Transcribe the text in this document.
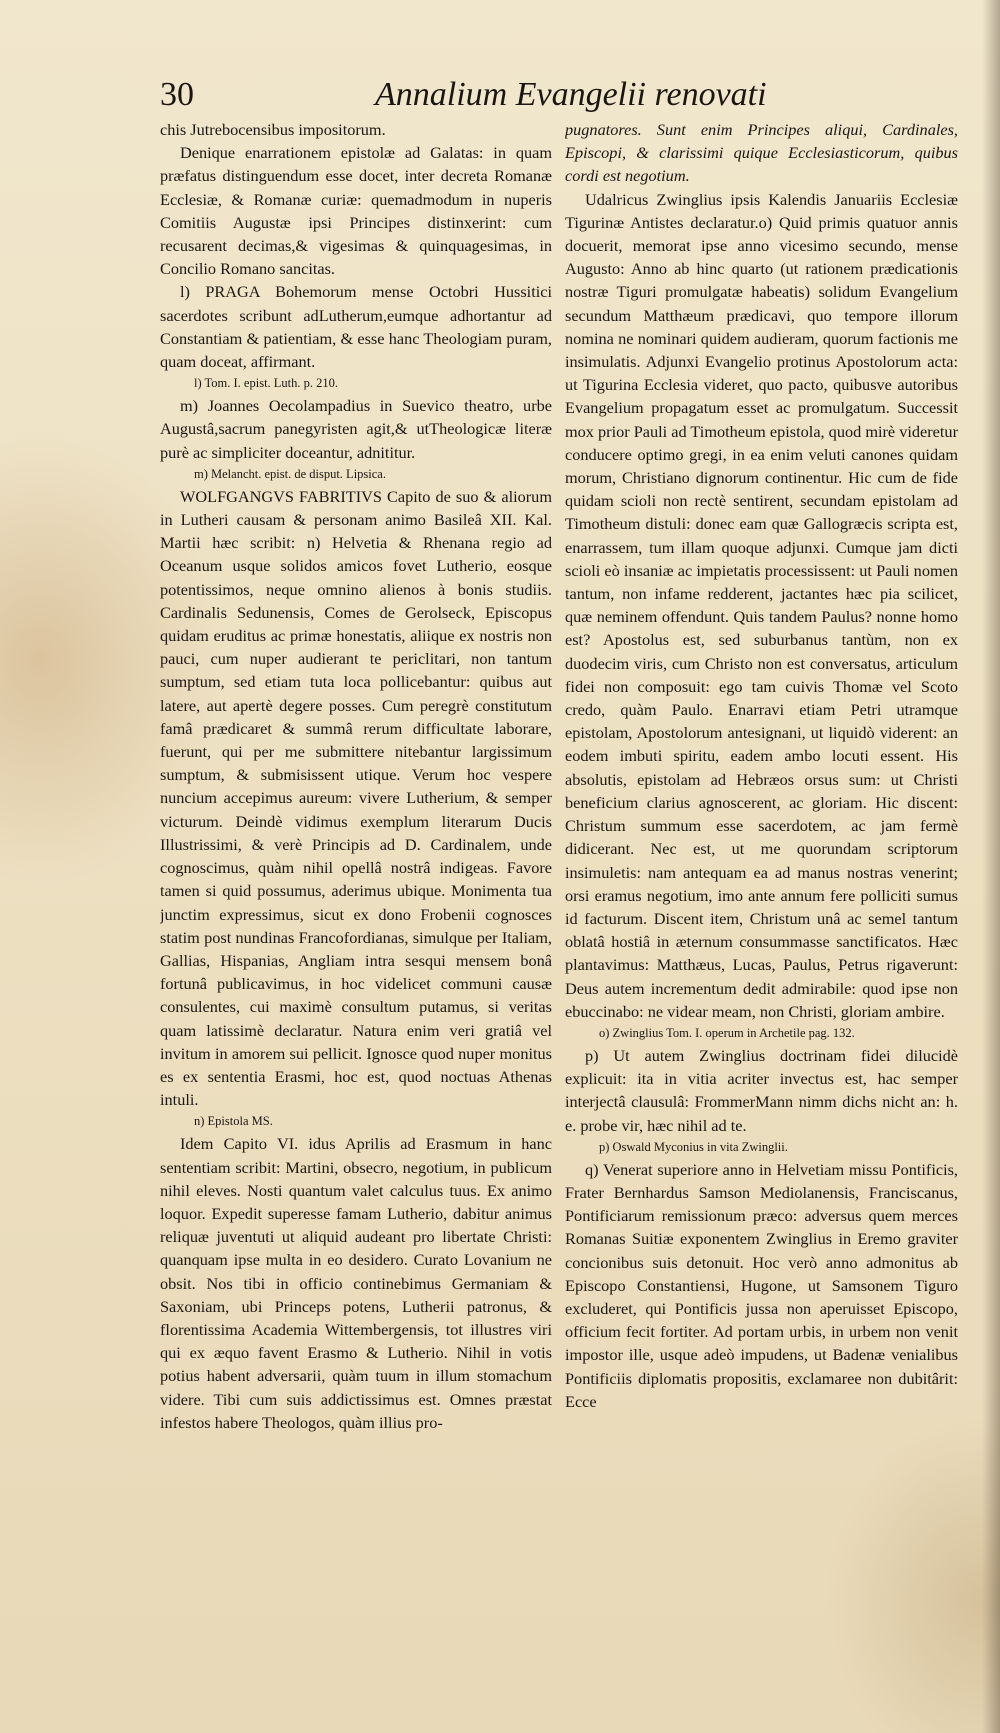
30	Annalium Evangelii renovati

chis Jutrebocensibus impositorum.

Denique enarrationem epistolæ ad Galatas: in quam præfatus distinguendum esse docet, inter decreta Romanæ Ecclesiæ, & Romanæ curiæ: quemadmodum in nuperis Comitiis Augustæ ipsi Principes distinxerint: cum recusarent decimas,& vigesimas & quinquagesimas, in Concilio Romano sancitas.

l) PRAGA Bohemorum mense Octobri Hussitici sacerdotes scribunt adLutherum,eumque adhortantur ad Constantiam & patientiam, & esse hanc Theologiam puram, quam doceat, affirmant.

l) Tom. I. epist. Luth. p. 210.

m) Joannes Oecolampadius in Suevico theatro, urbe Augustâ,sacrum panegyristen agit,& utTheologicæ literæ purè ac simpliciter doceantur, adnititur.

m) Melancht. epist. de disput. Lipsica.

WOLFGANGVS FABRITIVS Capito de suo & aliorum in Lutheri causam & personam animo Basileâ XII. Kal. Martii hæc scribit: n) Helvetia & Rhenana regio ad Oceanum usque solidos amicos fovet Lutherio, eosque potentissimos, neque omnino alienos à bonis studiis. Cardinalis Sedunensis, Comes de Gerolseck, Episcopus quidam eruditus ac primæ honestatis, aliique ex nostris non pauci, cum nuper audierant te periclitari, non tantum sumptum, sed etiam tuta loca pollicebantur: quibus aut latere, aut apertè degere posses. Cum peregrè constitutum famâ prædicaret & summâ rerum difficultate laborare, fuerunt, qui per me submittere nitebantur largissimum sumptum, & submisissent utique. Verum hoc vespere nuncium accepimus aureum: vivere Lutherium, & semper victurum. Deindè vidimus exemplum literarum Ducis Illustrissimi, & verè Principis ad D. Cardinalem, unde cognoscimus, quàm nihil opellâ nostrâ indigeas. Favore tamen si quid possumus, aderimus ubique. Monimenta tua junctim expressimus, sicut ex dono Frobenii cognosces statim post nundinas Francofordianas, simulque per Italiam, Gallias, Hispanias, Angliam intra sesqui mensem bonâ fortunâ publicavimus, in hoc videlicet communi causæ consulentes, cui maximè consultum putamus, si veritas quam latissimè declaratur. Natura enim veri gratiâ vel invitum in amorem sui pellicit. Ignosce quod nuper monitus es ex sententia Erasmi, hoc est, quod noctuas Athenas intuli.

n) Epistola MS.

Idem Capito VI. idus Aprilis ad Erasmum in hanc sententiam scribit: Martini, obsecro, negotium, in publicum nihil eleves. Nosti quantum valet calculus tuus. Ex animo loquor. Expedit superesse famam Lutherio, dabitur animus reliquæ juventuti ut aliquid audeant pro libertate Christi: quanquam ipse multa in eo desidero. Curato Lovanium ne obsit. Nos tibi in officio continebimus Germaniam & Saxoniam, ubi Princeps potens, Lutherii patronus, & florentissima Academia Wittembergensis, tot illustres viri qui ex æquo favent Erasmo & Lutherio. Nihil in votis potius habent adversarii, quàm tuum in illum stomachum videre. Tibi cum suis addictissimus est. Omnes præstat infestos habere Theologos, quàm illius pro-

pugnatores. Sunt enim Principes aliqui, Cardinales, Episcopi, & clarissimi quique Ecclesiasticorum, quibus cordi est negotium.

Udalricus Zwinglius ipsis Kalendis Januariis Ecclesiæ Tigurinæ Antistes declaratur.o) Quid primis quatuor annis docuerit, memorat ipse anno vicesimo secundo, mense Augusto: Anno ab hinc quarto (ut rationem prædicationis nostræ Tiguri promulgatæ habeatis) solidum Evangelium secundum Matthæum prædicavi, quo tempore illorum nomina ne nominari quidem audieram, quorum factionis me insimulatis. Adjunxi Evangelio protinus Apostolorum acta: ut Tigurina Ecclesia videret, quo pacto, quibusve autoribus Evangelium propagatum esset ac promulgatum. Successit mox prior Pauli ad Timotheum epistola, quod mirè videretur conducere optimo gregi, in ea enim veluti canones quidam morum, Christiano dignorum continentur. Hic cum de fide quidam scioli non rectè sentirent, secundam epistolam ad Timotheum distuli: donec eam quæ Gallogræcis scripta est, enarrassem, tum illam quoque adjunxi. Cumque jam dicti scioli eò insaniæ ac impietatis processissent: ut Pauli nomen tantum, non infame redderent, jactantes hæc pia scilicet, quæ neminem offendunt. Quis tandem Paulus? nonne homo est? Apostolus est, sed suburbanus tantùm, non ex duodecim viris, cum Christo non est conversatus, articulum fidei non composuit: ego tam cuivis Thomæ vel Scoto credo, quàm Paulo. Enarravi etiam Petri utramque epistolam, Apostolorum antesignani, ut liquidò viderent: an eodem imbuti spiritu, eadem ambo locuti essent. His absolutis, epistolam ad Hebræos orsus sum: ut Christi beneficium clarius agnoscerent, ac gloriam. Hic discent: Christum summum esse sacerdotem, ac jam fermè didicerant. Nec est, ut me quorundam scriptorum insimuletis: nam antequam ea ad manus nostras venerint; orsi eramus negotium, imo ante annum fere polliciti sumus id facturum. Discent item, Christum unâ ac semel tantum oblatâ hostiâ in æternum consummasse sanctificatos. Hæc plantavimus: Matthæus, Lucas, Paulus, Petrus rigaverunt: Deus autem incrementum dedit admirabile: quod ipse non ebuccinabo: ne videar meam, non Christi, gloriam ambire.

o) Zwinglius Tom. I. operum in Archetile pag. 132.

p) Ut autem Zwinglius doctrinam fidei dilucidè explicuit: ita in vitia acriter invectus est, hac semper interjectâ clausulâ: FrommerMann nimm dichs nicht an: h. e. probe vir, hæc nihil ad te.

p) Oswald Myconius in vita Zwinglii.

q) Venerat superiore anno in Helvetiam missu Pontificis, Frater Bernhardus Samson Mediolanensis, Franciscanus, Pontificiarum remissionum præco: adversus quem merces Romanas Suitiæ exponentem Zwinglius in Eremo graviter concionibus suis detonuit. Hoc verò anno admonitus ab Episcopo Constantiensi, Hugone, ut Samsonem Tiguro excluderet, qui Pontificis jussa non aperuisset Episcopo, officium fecit fortiter. Ad portam urbis, in urbem non venit impostor ille, usque adeò impudens, ut Badenæ venialibus Pontificiis diplomatis propositis, exclamaree non dubitârit: Ecce
